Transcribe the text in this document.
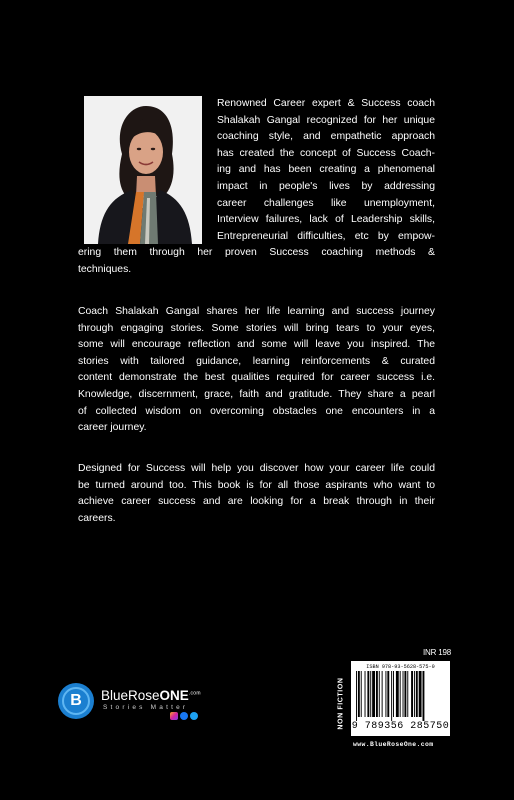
Renowned Career expert & Success coach
Shalakah Gangal recognized for her unique
coaching style, and empathetic approach
has created the concept of Success Coach-
ing and has been creating a phenomenal
impact in people's lives by addressing
career challenges like unemployment,
Interview failures, lack of Leadership skills,
Entrepreneurial difficulties, etc by empow-

ering them through her proven Success coaching methods &
techniques.

Coach Shalakah Gangal shares her life learning and success journey
through engaging stories. Some stories will bring tears to your eyes,
some will encourage reflection and some will leave you inspired. The
stories with tailored guidance, learning reinforcements & curated
content demonstrate the best qualities required for career success i.e.
Knowledge, discernment, grace, faith and gratitude. They share a pearl
of collected wisdom on overcoming obstacles one encounters in a
career journey.

Designed for Success will help you discover how your career life could
be turned around too. This book is for all those aspirants who want to
achieve career success and are looking for a break through in their
careers.

B	BlueRoseONE$^{.com}$
Stories Matter
INR 198
NON FICTION
ISBN 978-93-5628-575-0
9 789356 285750
www.BlueRoseOne.com
